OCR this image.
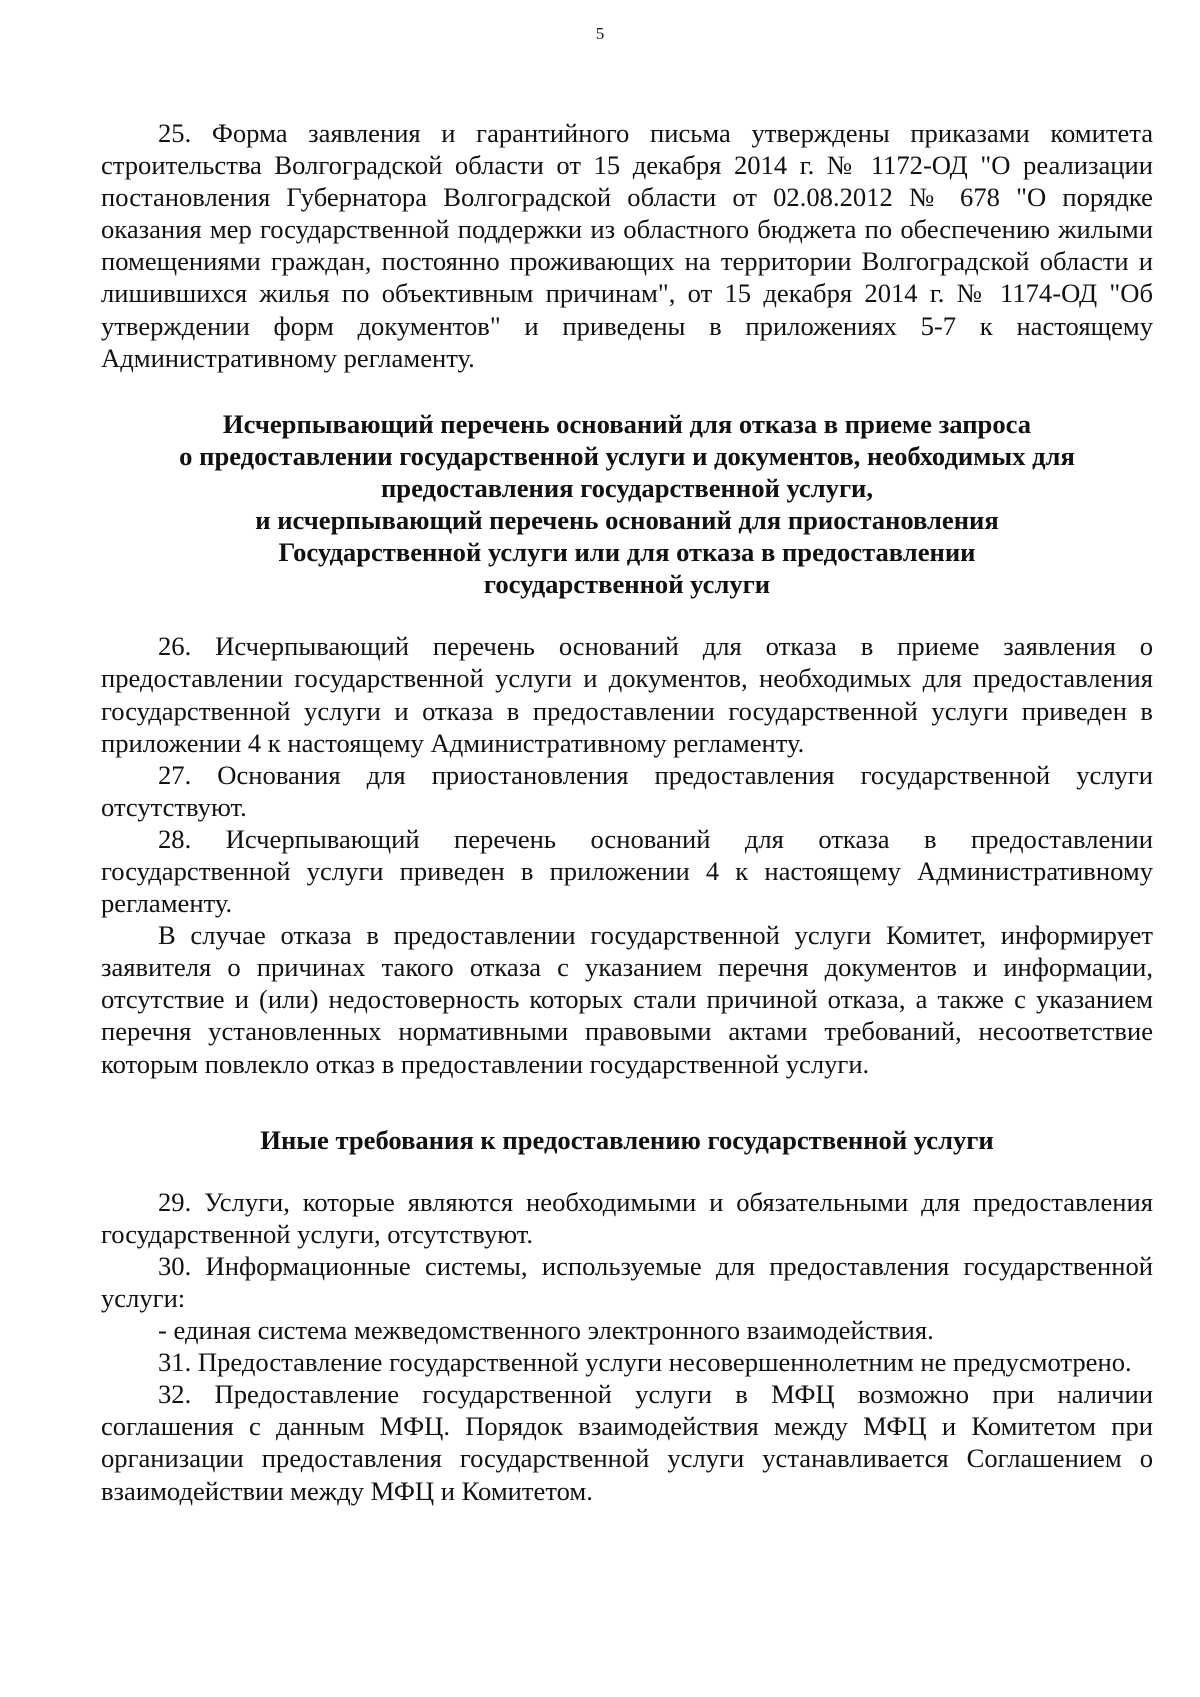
5

25. Форма заявления и гарантийного письма утверждены приказами комитета строительства Волгоградской области от 15 декабря 2014 г. № 1172-ОД "О реализации постановления Губернатора Волгоградской области от 02.08.2012 № 678 "О порядке оказания мер государственной поддержки из областного бюджета по обеспечению жилыми помещениями граждан, постоянно проживающих на территории Волгоградской области и лишившихся жилья по объективным причинам", от 15 декабря 2014 г. № 1174-ОД "Об утверждении форм документов" и приведены в приложениях 5-7 к настоящему Административному регламенту.

Исчерпывающий перечень оснований для отказа в приеме запроса
о предоставлении государственной услуги и документов, необходимых для
предоставления государственной услуги,
и исчерпывающий перечень оснований для приостановления
Государственной услуги или для отказа в предоставлении
государственной услуги

26. Исчерпывающий перечень оснований для отказа в приеме заявления о предоставлении государственной услуги и документов, необходимых для предоставления государственной услуги и отказа в предоставлении государственной услуги приведен в приложении 4 к настоящему Административному регламенту.

27. Основания для приостановления предоставления государственной услуги отсутствуют.

28. Исчерпывающий перечень оснований для отказа в предоставлении государственной услуги приведен в приложении 4 к настоящему Административному регламенту.

В случае отказа в предоставлении государственной услуги Комитет, информирует заявителя о причинах такого отказа с указанием перечня документов и информации, отсутствие и (или) недостоверность которых стали причиной отказа, а также с указанием перечня установленных нормативными правовыми актами требований, несоответствие которым повлекло отказ в предоставлении государственной услуги.

Иные требования к предоставлению государственной услуги

29. Услуги, которые являются необходимыми и обязательными для предоставления государственной услуги, отсутствуют.

30. Информационные системы, используемые для предоставления государственной услуги:

- единая система межведомственного электронного взаимодействия.

31. Предоставление государственной услуги несовершеннолетним не предусмотрено.

32. Предоставление государственной услуги в МФЦ возможно при наличии соглашения с данным МФЦ. Порядок взаимодействия между МФЦ и Комитетом при организации предоставления государственной услуги устанавливается Соглашением о взаимодействии между МФЦ и Комитетом.
